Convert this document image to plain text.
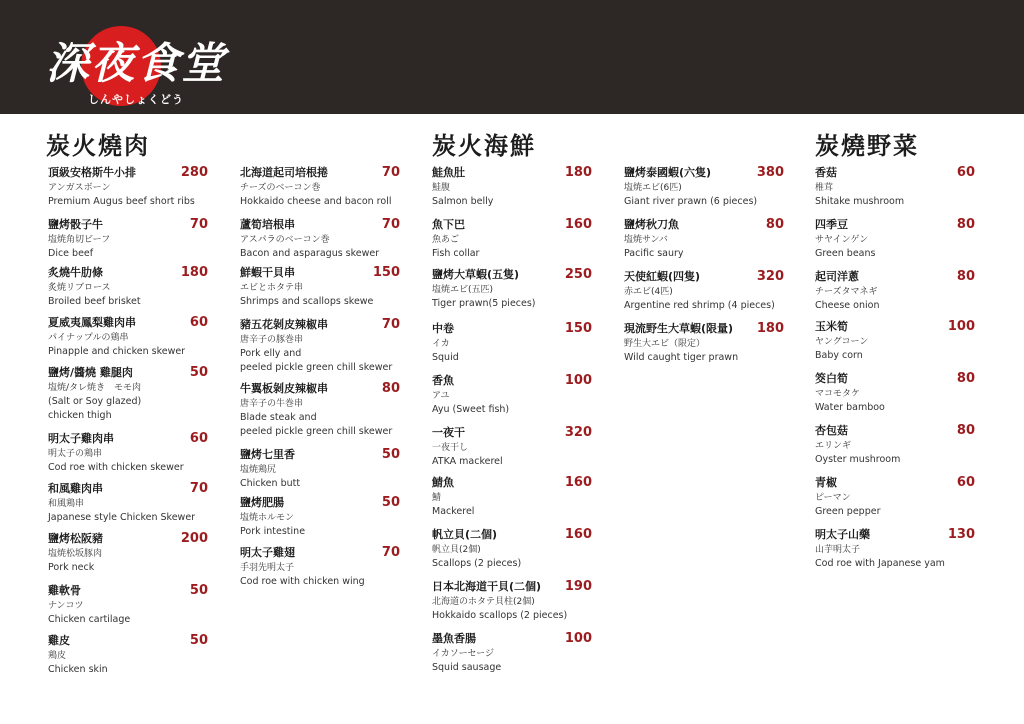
深夜食堂
しんやしょくどう
炭火燒肉	炭火海鮮	炭燒野菜
頂級安格斯牛小排	280
アンガスボーン
Premium Augus beef short ribs
鹽烤骰子牛	70
塩焼角切ビーフ
Dice beef
炙燒牛肋條	180
炙焼リブロース
Broiled beef brisket
夏威夷鳳梨雞肉串	60
パイナップルの鶏串
Pinapple and chicken skewer
鹽烤/醬燒 雞腿肉	50
塩焼/タレ焼き　モモ肉
(Salt or Soy glazed)
chicken thigh
明太子雞肉串	60
明太子の鶏串
Cod roe with chicken skewer
和風雞肉串	70
和風鶏串
Japanese style Chicken Skewer
鹽烤松阪豬	200
塩焼松坂豚肉
Pork neck
雞軟骨	50
ナンコツ
Chicken cartilage
雞皮	50
鶏皮
Chicken skin
北海道起司培根捲	70
チーズのベーコン巻
Hokkaido cheese and bacon roll
蘆筍培根串	70
アスパラのベーコン巻
Bacon and asparagus skewer
鮮蝦干貝串	150
エビとホタテ串
Shrimps and scallops skewe
豬五花剝皮辣椒串	70
唐辛子の豚巻串
Pork elly and
peeled pickle green chill skewer
牛翼板剝皮辣椒串	80
唐辛子の牛巻串
Blade steak and
peeled pickle green chill skewer
鹽烤七里香	50
塩焼鶏尻
Chicken butt
鹽烤肥腸	50
塩焼ホルモン
Pork intestine
明太子雞翅	70
手羽先明太子
Cod roe with chicken wing
鮭魚肚	180
鮭腹
Salmon belly
魚下巴	160
魚あご
Fish collar
鹽烤大草蝦(五隻)	250
塩焼エビ(五匹)
Tiger prawn(5 pieces)
中卷	150
イカ
Squid
香魚	100
アユ
Ayu (Sweet fish)
一夜干	320
一夜干し
ATKA mackerel
鯖魚	160
鯖
Mackerel
帆立貝(二個)	160
帆立貝(2個)
Scallops (2 pieces)
日本北海道干貝(二個)	190
北海道のホタテ貝柱(2個)
Hokkaido scallops (2 pieces)
墨魚香腸	100
イカソーセージ
Squid sausage
鹽烤泰國蝦(六隻)	380
塩焼エビ(6匹)
Giant river prawn (6 pieces)
鹽烤秋刀魚	80
塩焼サンバ
Pacific saury
天使紅蝦(四隻)	320
赤エビ(4匹)
Argentine red shrimp (4 pieces)
現流野生大草蝦(限量)	180
野生大エビ（限定）
Wild caught tiger prawn
香菇	60
椎茸
Shitake mushroom
四季豆	80
サヤインゲン
Green beans
起司洋蔥	80
チーズタマネギ
Cheese onion
玉米筍	100
ヤングコーン
Baby corn
筊白筍	80
マコモタケ
Water bamboo
杏包菇	80
エリンギ
Oyster mushroom
青椒	60
ピーマン
Green pepper
明太子山藥	130
山芋明太子
Cod roe with Japanese yam
